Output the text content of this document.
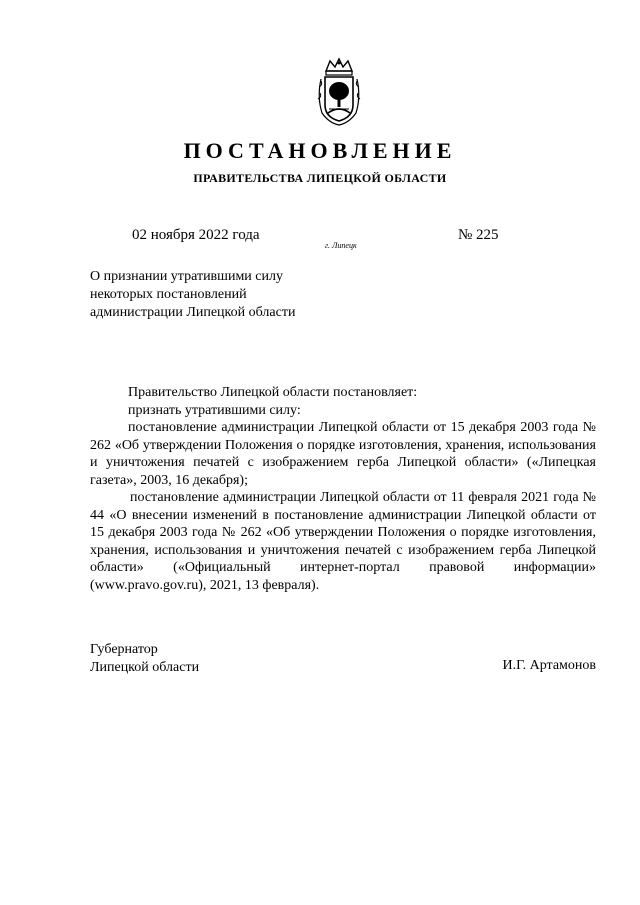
ПОСТАНОВЛЕНИЕ
ПРАВИТЕЛЬСТВА ЛИПЕЦКОЙ ОБЛАСТИ
02 ноября 2022 года
г. Липецк
№ 225
О признании утратившими силу
некоторых постановлений
администрации Липецкой области
Правительство Липецкой области постановляет:
признать утратившими силу:
постановление администрации Липецкой области от 15 декабря 2003 года № 262 «Об утверждении Положения о порядке изготовления, хранения, использования и уничтожения печатей с изображением герба Липецкой области» («Липецкая газета», 2003, 16 декабря);
постановление администрации Липецкой области от 11 февраля 2021 года № 44 «О внесении изменений в постановление администрации Липецкой области от 15 декабря 2003 года № 262 «Об утверждении Положения о порядке изготовления, хранения, использования и уничтожения печатей с изображением герба Липецкой области» («Официальный интернет-портал правовой информации» (www.pravo.gov.ru), 2021, 13 февраля).
Губернатор
Липецкой области	И.Г. Артамонов
